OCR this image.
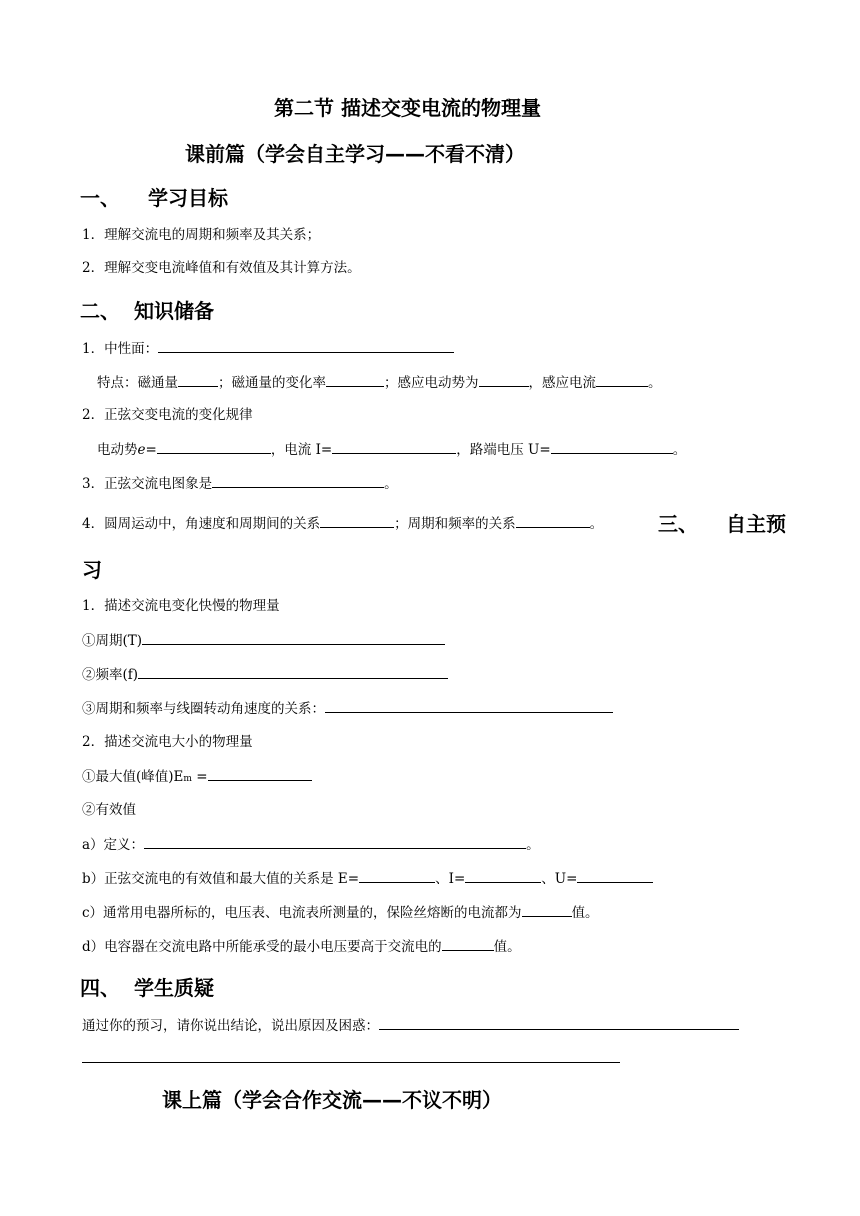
第二节 描述交变电流的物理量
课前篇（学会自主学习——不看不清）
一、 学习目标
1．理解交流电的周期和频率及其关系；
2．理解交变电流峰值和有效值及其计算方法。
二、 知识储备
1．中性面：
特点：磁通量	；磁通量的变化率	；感应电动势为	，感应电流	。
2．正弦交变电流的变化规律
电动势e=	，电流 I=	，路端电压 U=	。
3．正弦交流电图象是	。
4．圆周运动中，角速度和周期间的关系	；周期和频率的关系	。	三、 自主预
习
1．描述交流电变化快慢的物理量
①周期(T)
②频率(f)
③周期和频率与线圈转动角速度的关系：
2．描述交流电大小的物理量
①最大值(峰值)Em =
②有效值
a）定义：	。
b）正弦交流电的有效值和最大值的关系是 E=	、I=	、U=
c）通常用电器所标的，电压表、电流表所测量的，保险丝熔断的电流都为	值。
d）电容器在交流电路中所能承受的最小电压要高于交流电的	值。
四、 学生质疑
通过你的预习，请你说出结论，说出原因及困惑：
课上篇（学会合作交流——不议不明）
